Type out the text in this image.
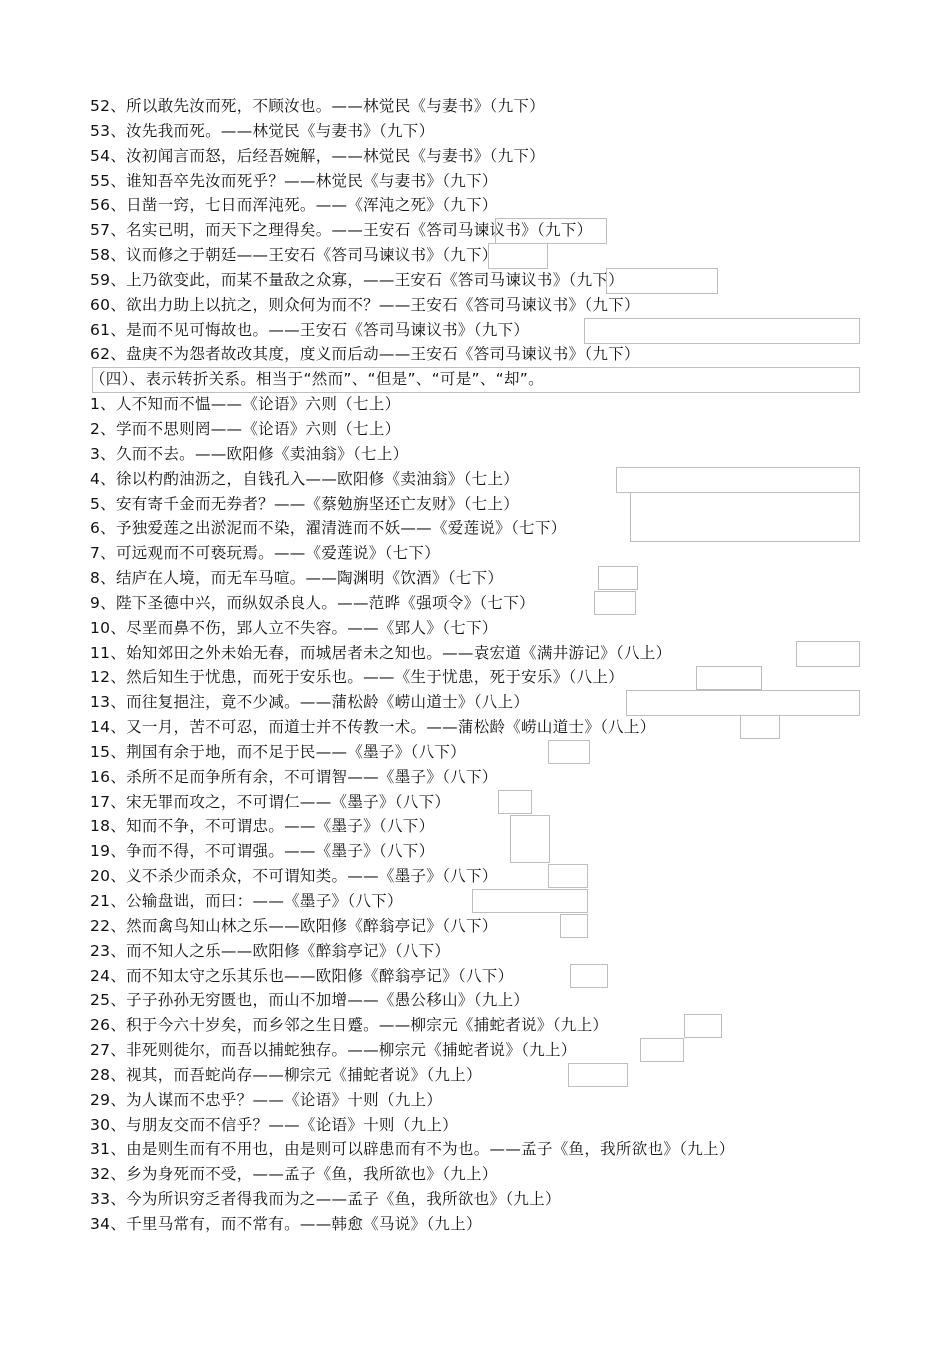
52、所以敢先汝而死，不顾汝也。——林觉民《与妻书》（九下）
53、汝先我而死。——林觉民《与妻书》（九下）
54、汝初闻言而怒，后经吾婉解，——林觉民《与妻书》（九下）
55、谁知吾卒先汝而死乎？——林觉民《与妻书》（九下）
56、日凿一窍，七日而浑沌死。——《浑沌之死》（九下）
57、名实已明，而天下之理得矣。——王安石《答司马谏议书》（九下）
58、议而修之于朝廷——王安石《答司马谏议书》（九下）
59、上乃欲变此，而某不量敌之众寡，——王安石《答司马谏议书》（九下）
60、欲出力助上以抗之，则众何为而不？——王安石《答司马谏议书》（九下）
61、是而不见可悔故也。——王安石《答司马谏议书》（九下）
62、盘庚不为怨者故改其度，度义而后动——王安石《答司马谏议书》（九下）
（四）、表示转折关系。相当于“然而”、“但是”、“可是”、“却”。
1、人不知而不愠——《论语》六则（七上）
2、学而不思则罔——《论语》六则（七上）
3、久而不去。——欧阳修《卖油翁》（七上）
4、徐以杓酌油沥之，自钱孔入——欧阳修《卖油翁》（七上）
5、安有寄千金而无券者？——《蔡勉旃坚还亡友财》（七上）
6、予独爱莲之出淤泥而不染，濯清涟而不妖——《爱莲说》（七下）
7、可远观而不可亵玩焉。——《爱莲说》（七下）
8、结庐在人境，而无车马喧。——陶渊明《饮酒》（七下）
9、陛下圣德中兴，而纵奴杀良人。——范晔《强项令》（七下）
10、尽垩而鼻不伤，郢人立不失容。——《郢人》（七下）
11、始知郊田之外未始无春，而城居者未之知也。——袁宏道《满井游记》（八上）
12、然后知生于忧患，而死于安乐也。——《生于忧患，死于安乐》（八上）
13、而往复挹注，竟不少减。——蒲松龄《崂山道士》（八上）
14、又一月，苦不可忍，而道士并不传教一术。——蒲松龄《崂山道士》（八上）
15、荆国有余于地，而不足于民——《墨子》（八下）
16、杀所不足而争所有余，不可谓智——《墨子》（八下）
17、宋无罪而攻之，不可谓仁——《墨子》（八下）
18、知而不争，不可谓忠。——《墨子》（八下）
19、争而不得，不可谓强。——《墨子》（八下）
20、义不杀少而杀众，不可谓知类。——《墨子》（八下）
21、公输盘诎，而曰：——《墨子》（八下）
22、然而禽鸟知山林之乐——欧阳修《醉翁亭记》（八下）
23、而不知人之乐——欧阳修《醉翁亭记》（八下）
24、而不知太守之乐其乐也——欧阳修《醉翁亭记》（八下）
25、子子孙孙无穷匮也，而山不加增——《愚公移山》（九上）
26、积于今六十岁矣，而乡邻之生日蹙。——柳宗元《捕蛇者说》（九上）
27、非死则徙尔，而吾以捕蛇独存。——柳宗元《捕蛇者说》（九上）
28、视其，而吾蛇尚存——柳宗元《捕蛇者说》（九上）
29、为人谋而不忠乎？——《论语》十则（九上）
30、与朋友交而不信乎？——《论语》十则（九上）
31、由是则生而有不用也，由是则可以辟患而有不为也。——孟子《鱼，我所欲也》（九上）
32、乡为身死而不受，——孟子《鱼，我所欲也》（九上）
33、今为所识穷乏者得我而为之——孟子《鱼，我所欲也》（九上）
34、千里马常有，而不常有。——韩愈《马说》（九上）
